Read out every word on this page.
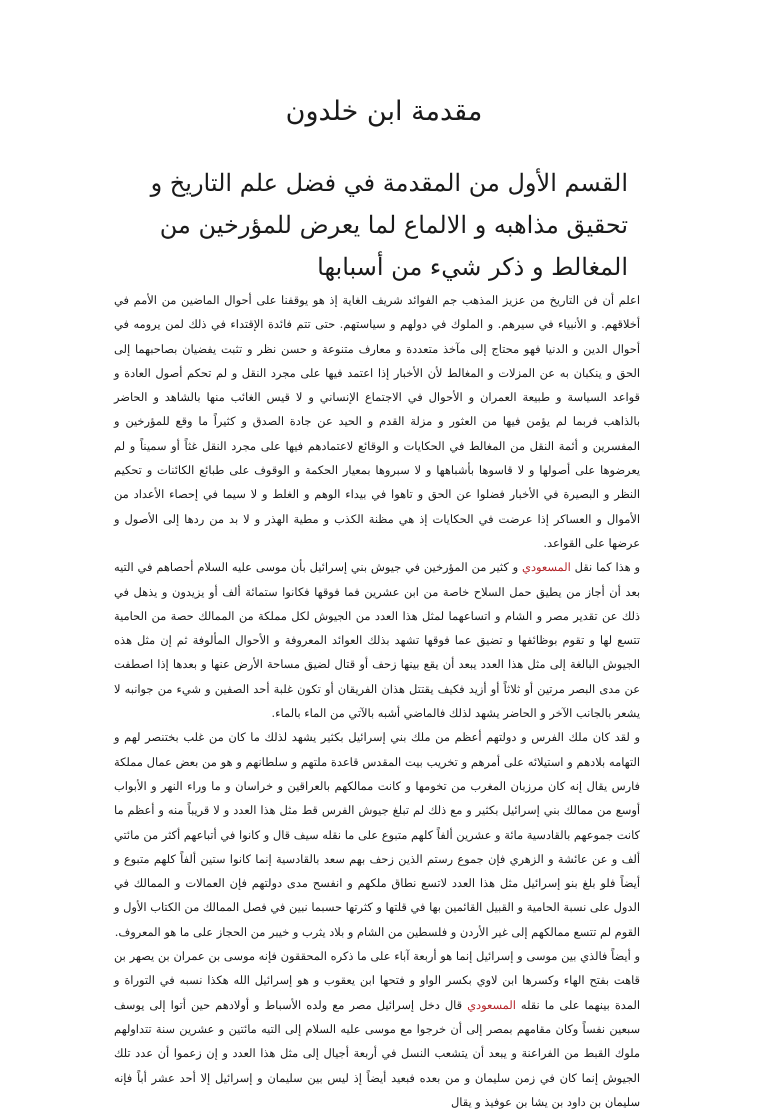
مقدمة ابن خلدون
القسم الأول من المقدمة في فضل علم التاريخ و تحقيق مذاهبه و الالماع لما يعرض للمؤرخين من المغالط و ذكر شيء من أسبابها

اعلم أن فن التاريخ من عزيز المذهب جم الفوائد شريف الغاية إذ هو يوقفنا على أحوال الماضين من الأمم في أخلاقهم. و الأنبياء في سيرهم. و الملوك في دولهم و سياستهم. حتى تتم فائدة الإقتداء في ذلك لمن يرومه في أحوال الدين و الدنيا فهو محتاج إلى مآخذ متعددة و معارف متنوعة و حسن نظر و تثبت يفضيان بصاحبهما إلى الحق و ينكبان به عن المزلات و المغالط لأن الأخبار إذا اعتمد فيها على مجرد النقل و لم تحكم أصول العادة و قواعد السياسة و طبيعة العمران و الأحوال في الاجتماع الإنساني و لا قيس الغائب منها بالشاهد و الحاضر بالذاهب فربما لم يؤمن فيها من العثور و مزلة القدم و الحيد عن جادة الصدق و كثيراً ما وقع للمؤرخين و المفسرين و أئمة النقل من المغالط في الحكايات و الوقائع لاعتمادهم فيها على مجرد النقل غثاً أو سميناً و لم يعرضوها على أصولها و لا قاسوها بأشباهها و لا سبروها بمعيار الحكمة و الوقوف على طبائع الكائنات و تحكيم النظر و البصيرة في الأخبار فضلوا عن الحق و تاهوا في بيداء الوهم و الغلط و لا سيما في إحصاء الأعداد من الأموال و العساكر إذا عرضت في الحكايات إذ هي مظنة الكذب و مطية الهذر و لا بد من ردها إلى الأصول و عرضها على القواعد.

و هذا كما نقل المسعودي و كثير من المؤرخين في جيوش بني إسرائيل بأن موسى عليه السلام أحصاهم في التيه بعد أن أجاز من يطيق حمل السلاح خاصة من ابن عشرين فما فوقها فكانوا ستمائة ألف أو يزيدون و يذهل في ذلك عن تقدير مصر و الشام و اتساعهما لمثل هذا العدد من الجيوش لكل مملكة من الممالك حصة من الحامية تتسع لها و تقوم بوظائفها و تضيق عما فوقها تشهد بذلك العوائد المعروفة و الأحوال المألوفة ثم إن مثل هذه الجيوش البالغة إلى مثل هذا العدد يبعد أن يقع بينها زحف أو قتال لضيق مساحة الأرض عنها و بعدها إذا اصطفت عن مدى البصر مرتين أو ثلاثاً أو أزيد فكيف يقتتل هذان الفريقان أو تكون غلبة أحد الصفين و شيء من جوانبه لا يشعر بالجانب الآخر و الحاضر يشهد لذلك فالماضي أشبه بالآتي من الماء بالماء.

و لقد كان ملك الفرس و دولتهم أعظم من ملك بني إسرائيل بكثير يشهد لذلك ما كان من غلب بختنصر لهم و التهامه بلادهم و استيلائه على أمرهم و تخريب بيت المقدس قاعدة ملتهم و سلطانهم و هو من بعض عمال مملكة فارس يقال إنه كان مرزبان المغرب من تخومها و كانت ممالكهم بالعراقين و خراسان و ما وراء النهر و الأبواب أوسع من ممالك بني إسرائيل بكثير و مع ذلك لم تبلغ جيوش الفرس قط مثل هذا العدد و لا قريباً منه و أعظم ما كانت جموعهم بالقادسية مائة و عشرين ألفاً كلهم متبوع على ما نقله سيف قال و كانوا في أتباعهم أكثر من مائتي ألف و عن عائشة و الزهري فإن جموع رستم الذين زحف بهم سعد بالقادسية إنما كانوا ستين ألفاً كلهم متبوع و أيضاً فلو بلغ بنو إسرائيل مثل هذا العدد لاتسع نطاق ملكهم و انفسح مدى دولتهم فإن العمالات و الممالك في الدول على نسبة الحامية و القبيل القائمين بها في قلتها و كثرتها حسبما نبين في فصل الممالك من الكتاب الأول و القوم لم تتسع ممالكهم إلى غير الأردن و فلسطين من الشام و بلاد يثرب و خيبر من الحجاز على ما هو المعروف.

و أيضاً فالذي بين موسى و إسرائيل إنما هو أربعة آباء على ما ذكره المحققون فإنه موسى بن عمران بن يصهر بن قاهت بفتح الهاء وكسرها ابن لاوي بكسر الواو و فتحها ابن يعقوب و هو إسرائيل الله هكذا نسبه في التوراة و المدة بينهما على ما نقله المسعودي قال دخل إسرائيل مصر مع ولده الأسباط و أولادهم حين أتوا إلى يوسف سبعين نفساً وكان مقامهم بمصر إلى أن خرجوا مع موسى عليه السلام إلى التيه مائتين و عشرين سنة تتداولهم ملوك القبط من الفراعنة و يبعد أن يتشعب النسل في أربعة أجيال إلى مثل هذا العدد و إن زعموا أن عدد تلك الجيوش إنما كان في زمن سليمان و من بعده فبعيد أيضاً إذ ليس بين سليمان و إسرائيل إلا أحد عشر أباً فإنه سليمان بن داود بن يشا بن عوفيذ و يقال
